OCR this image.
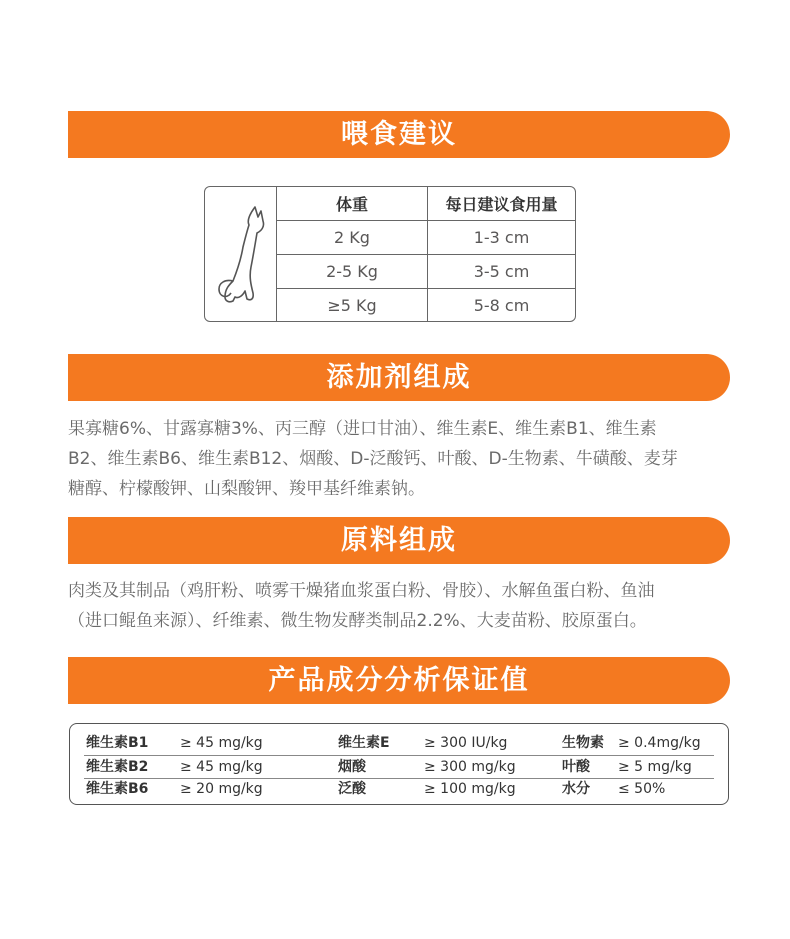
喂食建议
体重	每日建议食用量
2 Kg	1-3 cm
2-5 Kg	3-5 cm
≥5 Kg	5-8 cm
添加剂组成
果寡糖6%、甘露寡糖3%、丙三醇（进口甘油）、维生素E、维生素B1、维生素
B2、维生素B6、维生素B12、烟酸、D-泛酸钙、叶酸、D-生物素、牛磺酸、麦芽
糖醇、柠檬酸钾、山梨酸钾、羧甲基纤维素钠。
原料组成
肉类及其制品（鸡肝粉、喷雾干燥猪血浆蛋白粉、骨胶）、水解鱼蛋白粉、鱼油
（进口鲲鱼来源）、纤维素、微生物发酵类制品2.2%、大麦苗粉、胶原蛋白。
产品成分分析保证值
维生素B1 ≥ 45 mg/kg	维生素E ≥ 300 IU/kg	生物素 ≥ 0.4mg/kg
维生素B2 ≥ 45 mg/kg	烟酸	≥ 300 mg/kg	叶酸 ≥ 5 mg/kg
维生素B6 ≥ 20 mg/kg	泛酸	≥ 100 mg/kg	水分 ≤ 50%
